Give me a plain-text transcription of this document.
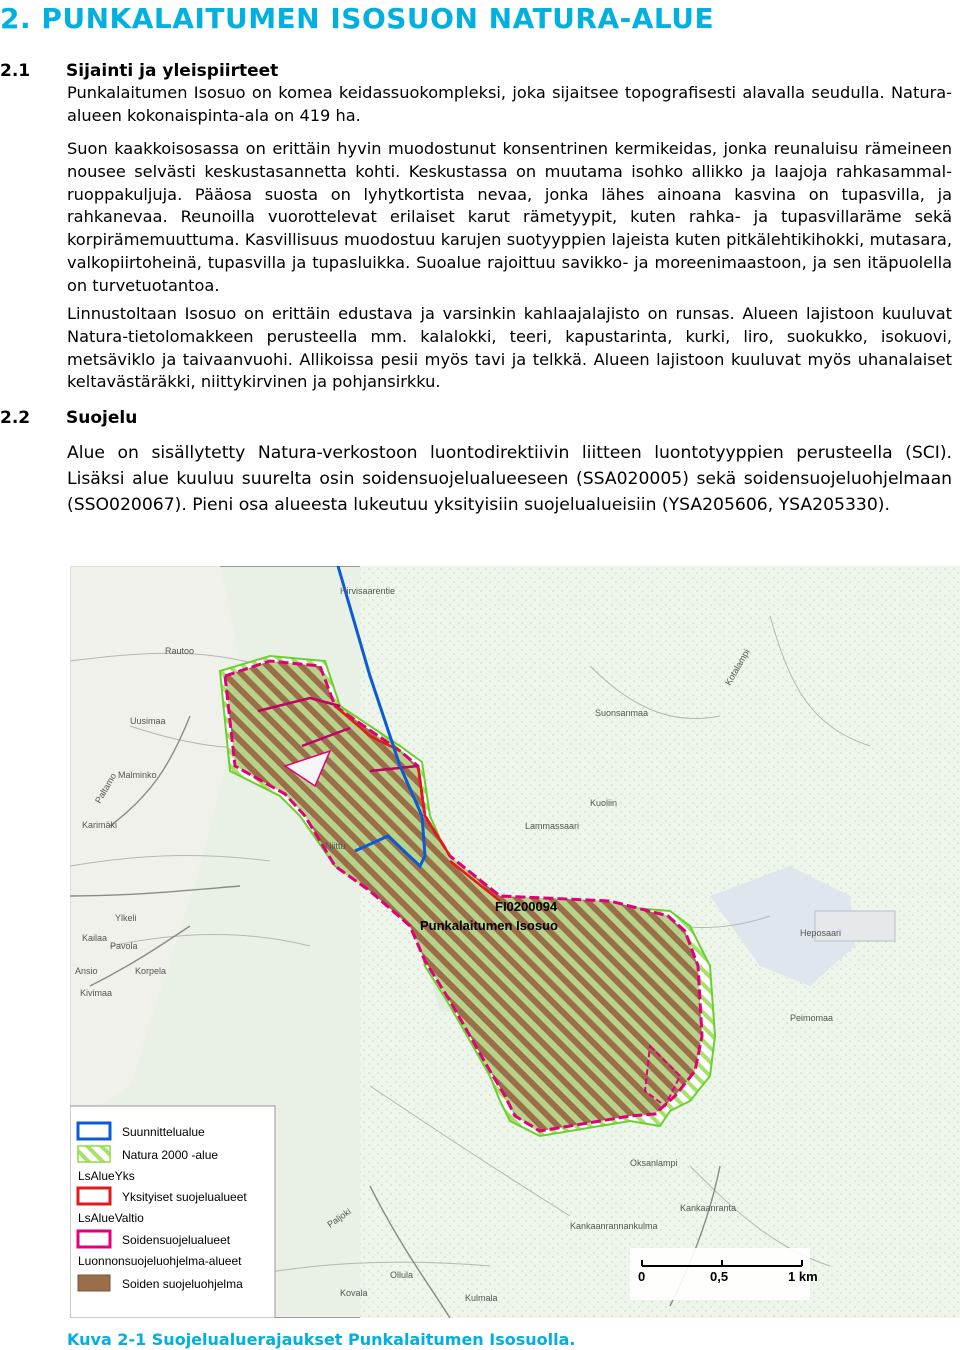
2. PUNKALAITUMEN ISOSUON NATURA-ALUE
2.1 Sijainti ja yleispiirteet

Punkalaitumen Isosuo on komea keidassuokompleksi, joka sijaitsee topografisesti alavalla seudulla. Natura-alueen kokonaispinta-ala on 419 ha.

Suon kaakkoisosassa on erittäin hyvin muodostunut konsentrinen kermikeidas, jonka reunaluisu rämeineen nousee selvästi keskustasannetta kohti. Keskustassa on muutama isohko allikko ja laajoja rahkasammal-ruoppakuljuja. Pääosa suosta on lyhytkortista nevaa, jonka lähes ainoana kasvina on tupasvilla, ja rahkanevaa. Reunoilla vuorottelevat erilaiset karut rämetyypit, kuten rahka- ja tupasvillaräme sekä korpirämemuuttuma. Kasvillisuus muodostuu karujen suotyyppien lajeista kuten pitkälehtikihokki, mutasara, valkopiirtoheinä, tupasvilla ja tupasluikka. Suoalue rajoittuu savikko- ja moreenimaastoon, ja sen itäpuolella on turvetuotantoa.

Linnustoltaan Isosuo on erittäin edustava ja varsinkin kahlaajalajisto on runsas. Alueen lajistoon kuuluvat Natura-tietolomakkeen perusteella mm. kalalokki, teeri, kapustarinta, kurki, liro, suokukko, isokuovi, metsäviklo ja taivaanvuohi. Allikoissa pesii myös tavi ja telkkä. Alueen lajistoon kuuluvat myös uhanalaiset keltavästäräkki, niittykirvinen ja pohjansirkku.

2.2 Suojelu

Alue on sisällytetty Natura-verkostoon luontodirektiivin liitteen luontotyyppien perusteella (SCI). Lisäksi alue kuuluu suurelta osin soidensuojelualueeseen (SSA020005) sekä soidensuojeluohjelmaan (SSO020067). Pieni osa alueesta lukeutuu yksityisiin suojelualueisiin (YSA205606, YSA205330).

FI0200094
Punkalaitumen Isosuo
Hirvisaarentie
Rautoo
Uusimaa
Paltamo Malminko
Karimäki
Niittu
Suonsanmaa
Kuoliin
Lammassaari
Heposaari
Peimomaa
Kotalampi
Ylkeli
Kailaa
Pavola
Ansio	Korpela
Kivimaa
Kankaanranta
Kankaanrannankulma
Ollula
Kovala
Paljoki
Oksanlampi
Kulmala
Suunnittelualue
Natura 2000 -alue
LsAlueYks
Yksityiset suojelualueet
LsAlueValtio
Soidensuojelualueet
Luonnonsuojeluohjelma-alueet
Soiden suojeluohjelma	0	0,5	1 km
Kuva 2-1 Suojelualuerajaukset Punkalaitumen Isosuolla.
